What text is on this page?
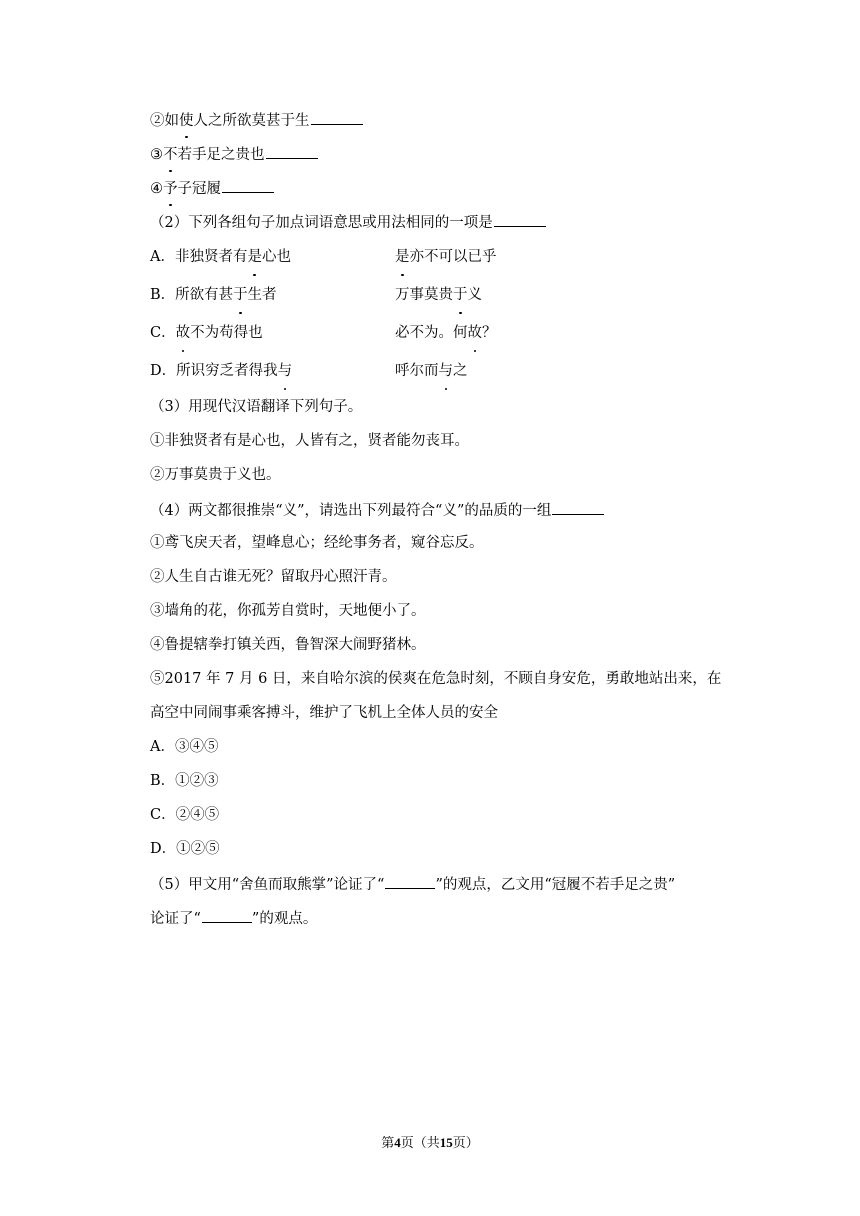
②如使人之所欲莫甚于生
③不若手足之贵也
④予子冠履
（2）下列各组句子加点词语意思或用法相同的一项是
A．非独贤者有是心也	是亦不可以已乎
B．所欲有甚于生者	万事莫贵于义
C．故不为苟得也	必不为。何故？
D．所识穷乏者得我与	呼尔而与之
（3）用现代汉语翻译下列句子。
①非独贤者有是心也，人皆有之，贤者能勿丧耳。
②万事莫贵于义也。
（4）两文都很推崇“义”，请选出下列最符合“义”的品质的一组
①鸢飞戾天者，望峰息心；经纶事务者，窥谷忘反。
②人生自古谁无死？留取丹心照汗青。
③墙角的花，你孤芳自赏时，天地便小了。
④鲁提辖拳打镇关西，鲁智深大闹野猪林。
⑤2017 年 7 月 6 日，来自哈尔滨的侯爽在危急时刻，不顾自身安危，勇敢地站出来，在
高空中同闹事乘客搏斗，维护了飞机上全体人员的安全
A．③④⑤
B．①②③
C．②④⑤
D．①②⑤
（5）甲文用“舍鱼而取熊掌”论证了“	”的观点，乙文用“冠履不若手足之贵”
论证了“	”的观点。
第4页（共15页）
